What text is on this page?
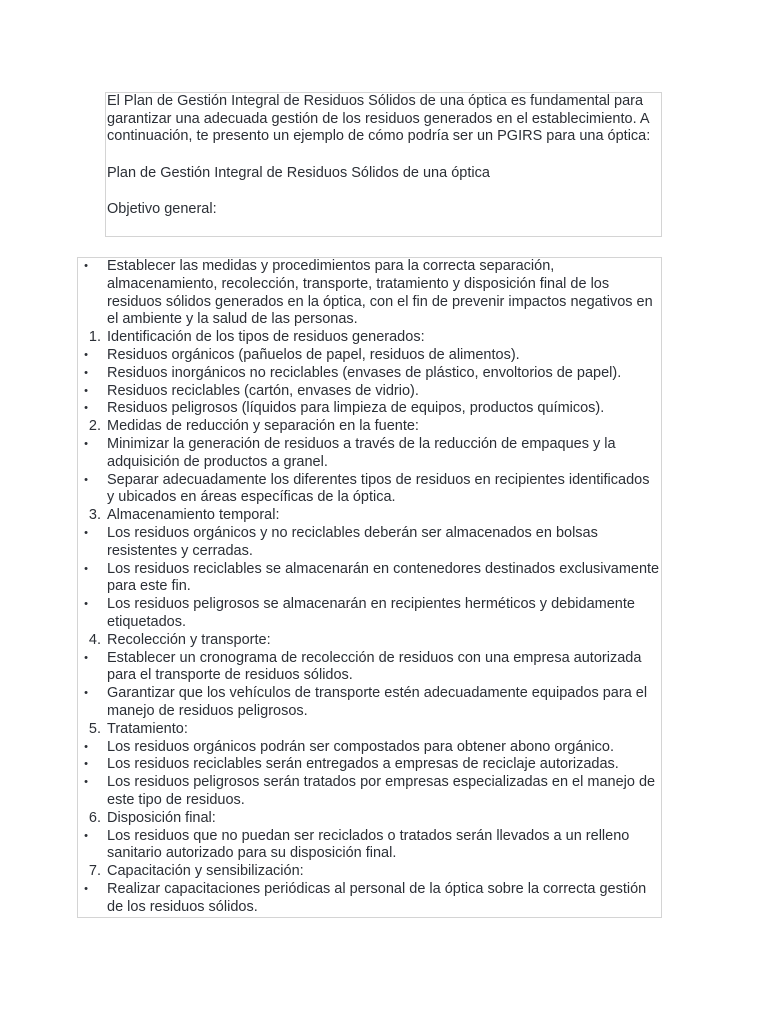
El Plan de Gestión Integral de Residuos Sólidos de una óptica es fundamental para garantizar una adecuada gestión de los residuos generados en el establecimiento. A continuación, te presento un ejemplo de cómo podría ser un PGIRS para una óptica:

Plan de Gestión Integral de Residuos Sólidos de una óptica

Objetivo general:

• Establecer las medidas y procedimientos para la correcta separación, almacenamiento, recolección, transporte, tratamiento y disposición final de los residuos sólidos generados en la óptica, con el fin de prevenir impactos negativos en el ambiente y la salud de las personas.
1. Identificación de los tipos de residuos generados:
• Residuos orgánicos (pañuelos de papel, residuos de alimentos).
• Residuos inorgánicos no reciclables (envases de plástico, envoltorios de papel).
• Residuos reciclables (cartón, envases de vidrio).
• Residuos peligrosos (líquidos para limpieza de equipos, productos químicos).
2. Medidas de reducción y separación en la fuente:
• Minimizar la generación de residuos a través de la reducción de empaques y la adquisición de productos a granel.
• Separar adecuadamente los diferentes tipos de residuos en recipientes identificados y ubicados en áreas específicas de la óptica.
3. Almacenamiento temporal:
• Los residuos orgánicos y no reciclables deberán ser almacenados en bolsas resistentes y cerradas.
• Los residuos reciclables se almacenarán en contenedores destinados exclusivamente para este fin.
• Los residuos peligrosos se almacenarán en recipientes herméticos y debidamente etiquetados.
4. Recolección y transporte:
• Establecer un cronograma de recolección de residuos con una empresa autorizada para el transporte de residuos sólidos.
• Garantizar que los vehículos de transporte estén adecuadamente equipados para el manejo de residuos peligrosos.
5. Tratamiento:
• Los residuos orgánicos podrán ser compostados para obtener abono orgánico.
• Los residuos reciclables serán entregados a empresas de reciclaje autorizadas.
• Los residuos peligrosos serán tratados por empresas especializadas en el manejo de este tipo de residuos.
6. Disposición final:
• Los residuos que no puedan ser reciclados o tratados serán llevados a un relleno sanitario autorizado para su disposición final.
7. Capacitación y sensibilización:
• Realizar capacitaciones periódicas al personal de la óptica sobre la correcta gestión de los residuos sólidos.
